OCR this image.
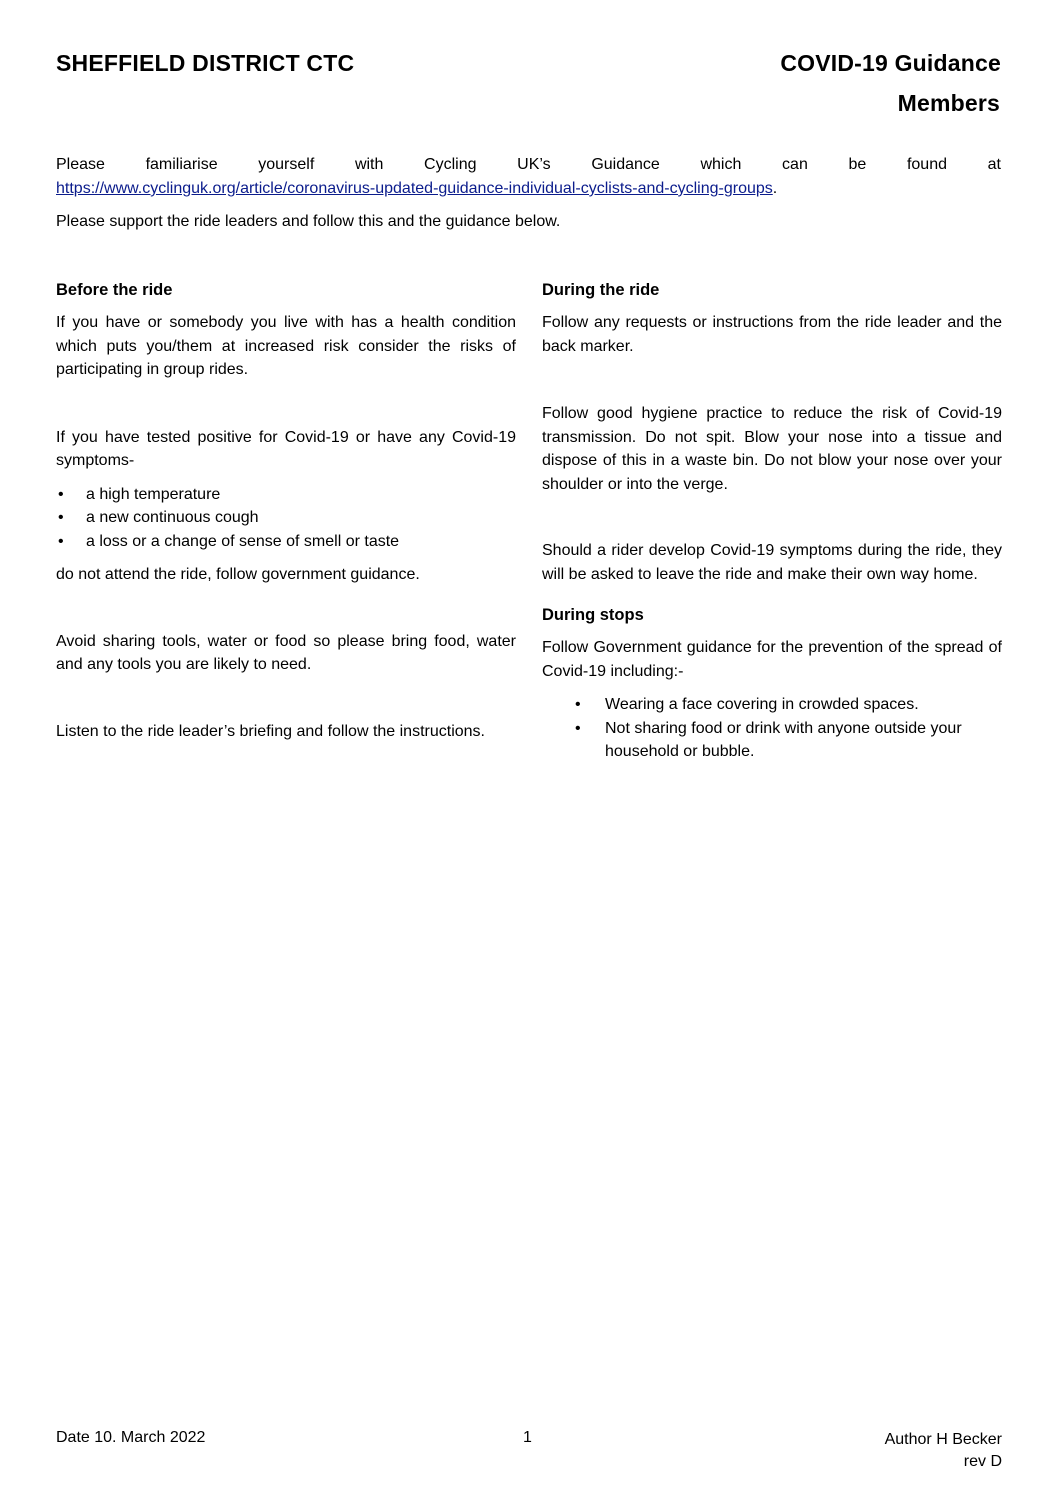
SHEFFIELD DISTRICT CTC	COVID-19 Guidance
Members
Please familiarise yourself with Cycling UK’s Guidance which can be found at
https://www.cyclinguk.org/article/coronavirus-updated-guidance-individual-cyclists-and-cycling-groups.
Please support the ride leaders and follow this and the guidance below.
Before the ride

If you have or somebody you live with has a health condition which puts you/them at increased risk consider the risks of participating in group rides.

If you have tested positive for Covid-19 or have any Covid-19 symptoms-

• a high temperature
• a new continuous cough
• a loss or a change of sense of smell or taste

do not attend the ride, follow government guidance.

Avoid sharing tools, water or food so please bring food, water and any tools you are likely to need.

Listen to the ride leader’s briefing and follow the instructions.

During the ride

Follow any requests or instructions from the ride leader and the back marker.

Follow good hygiene practice to reduce the risk of Covid-19 transmission. Do not spit. Blow your nose into a tissue and dispose of this in a waste bin. Do not blow your nose over your shoulder or into the verge.

Should a rider develop Covid-19 symptoms during the ride, they will be asked to leave the ride and make their own way home.

During stops

Follow Government guidance for the prevention of the spread of Covid-19 including:-

• Wearing a face covering in crowded spaces.
• Not sharing food or drink with anyone outside your household or bubble.
Date 10. March 2022	1	Author H Becker
rev D
